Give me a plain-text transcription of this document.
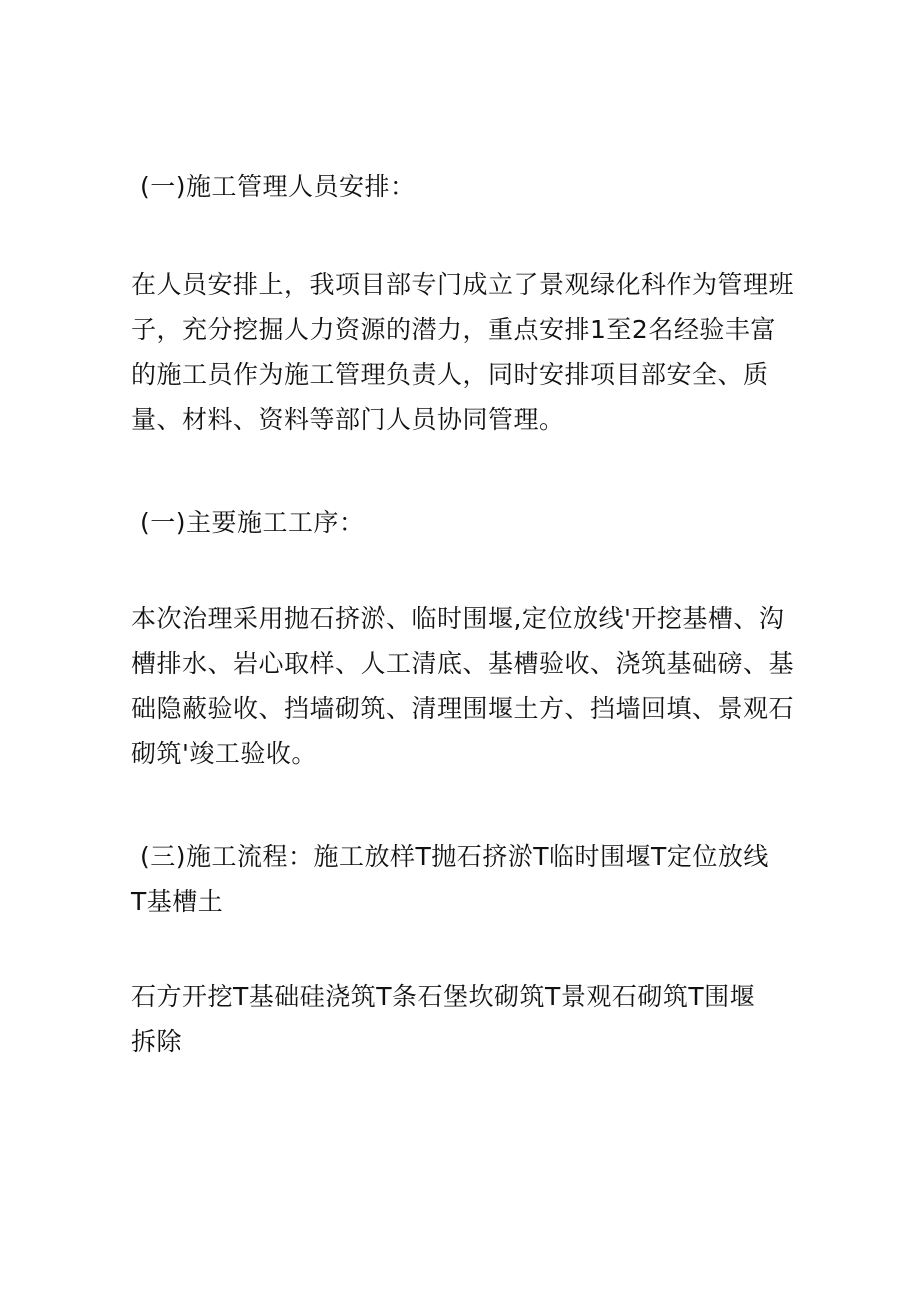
(一)施工管理人员安排：

在人员安排上，我项目部专门成立了景观绿化科作为管理班
子，充分挖掘人力资源的潜力，重点安排1至2名经验丰富
的施工员作为施工管理负责人，同时安排项目部安全、质
量、材料、资料等部门人员协同管理。

(一)主要施工工序：

本次治理采用抛石挤淤、临时围堰,定位放线'开挖基槽、沟
槽排水、岩心取样、人工清底、基槽验收、浇筑基础磅、基
础隐蔽验收、挡墙砌筑、清理围堰土方、挡墙回填、景观石
砌筑'竣工验收。

(三)施工流程：施工放样T抛石挤淤T临时围堰T定位放线
T基槽土

石方开挖T基础硅浇筑T条石堡坎砌筑T景观石砌筑T围堰
拆除
